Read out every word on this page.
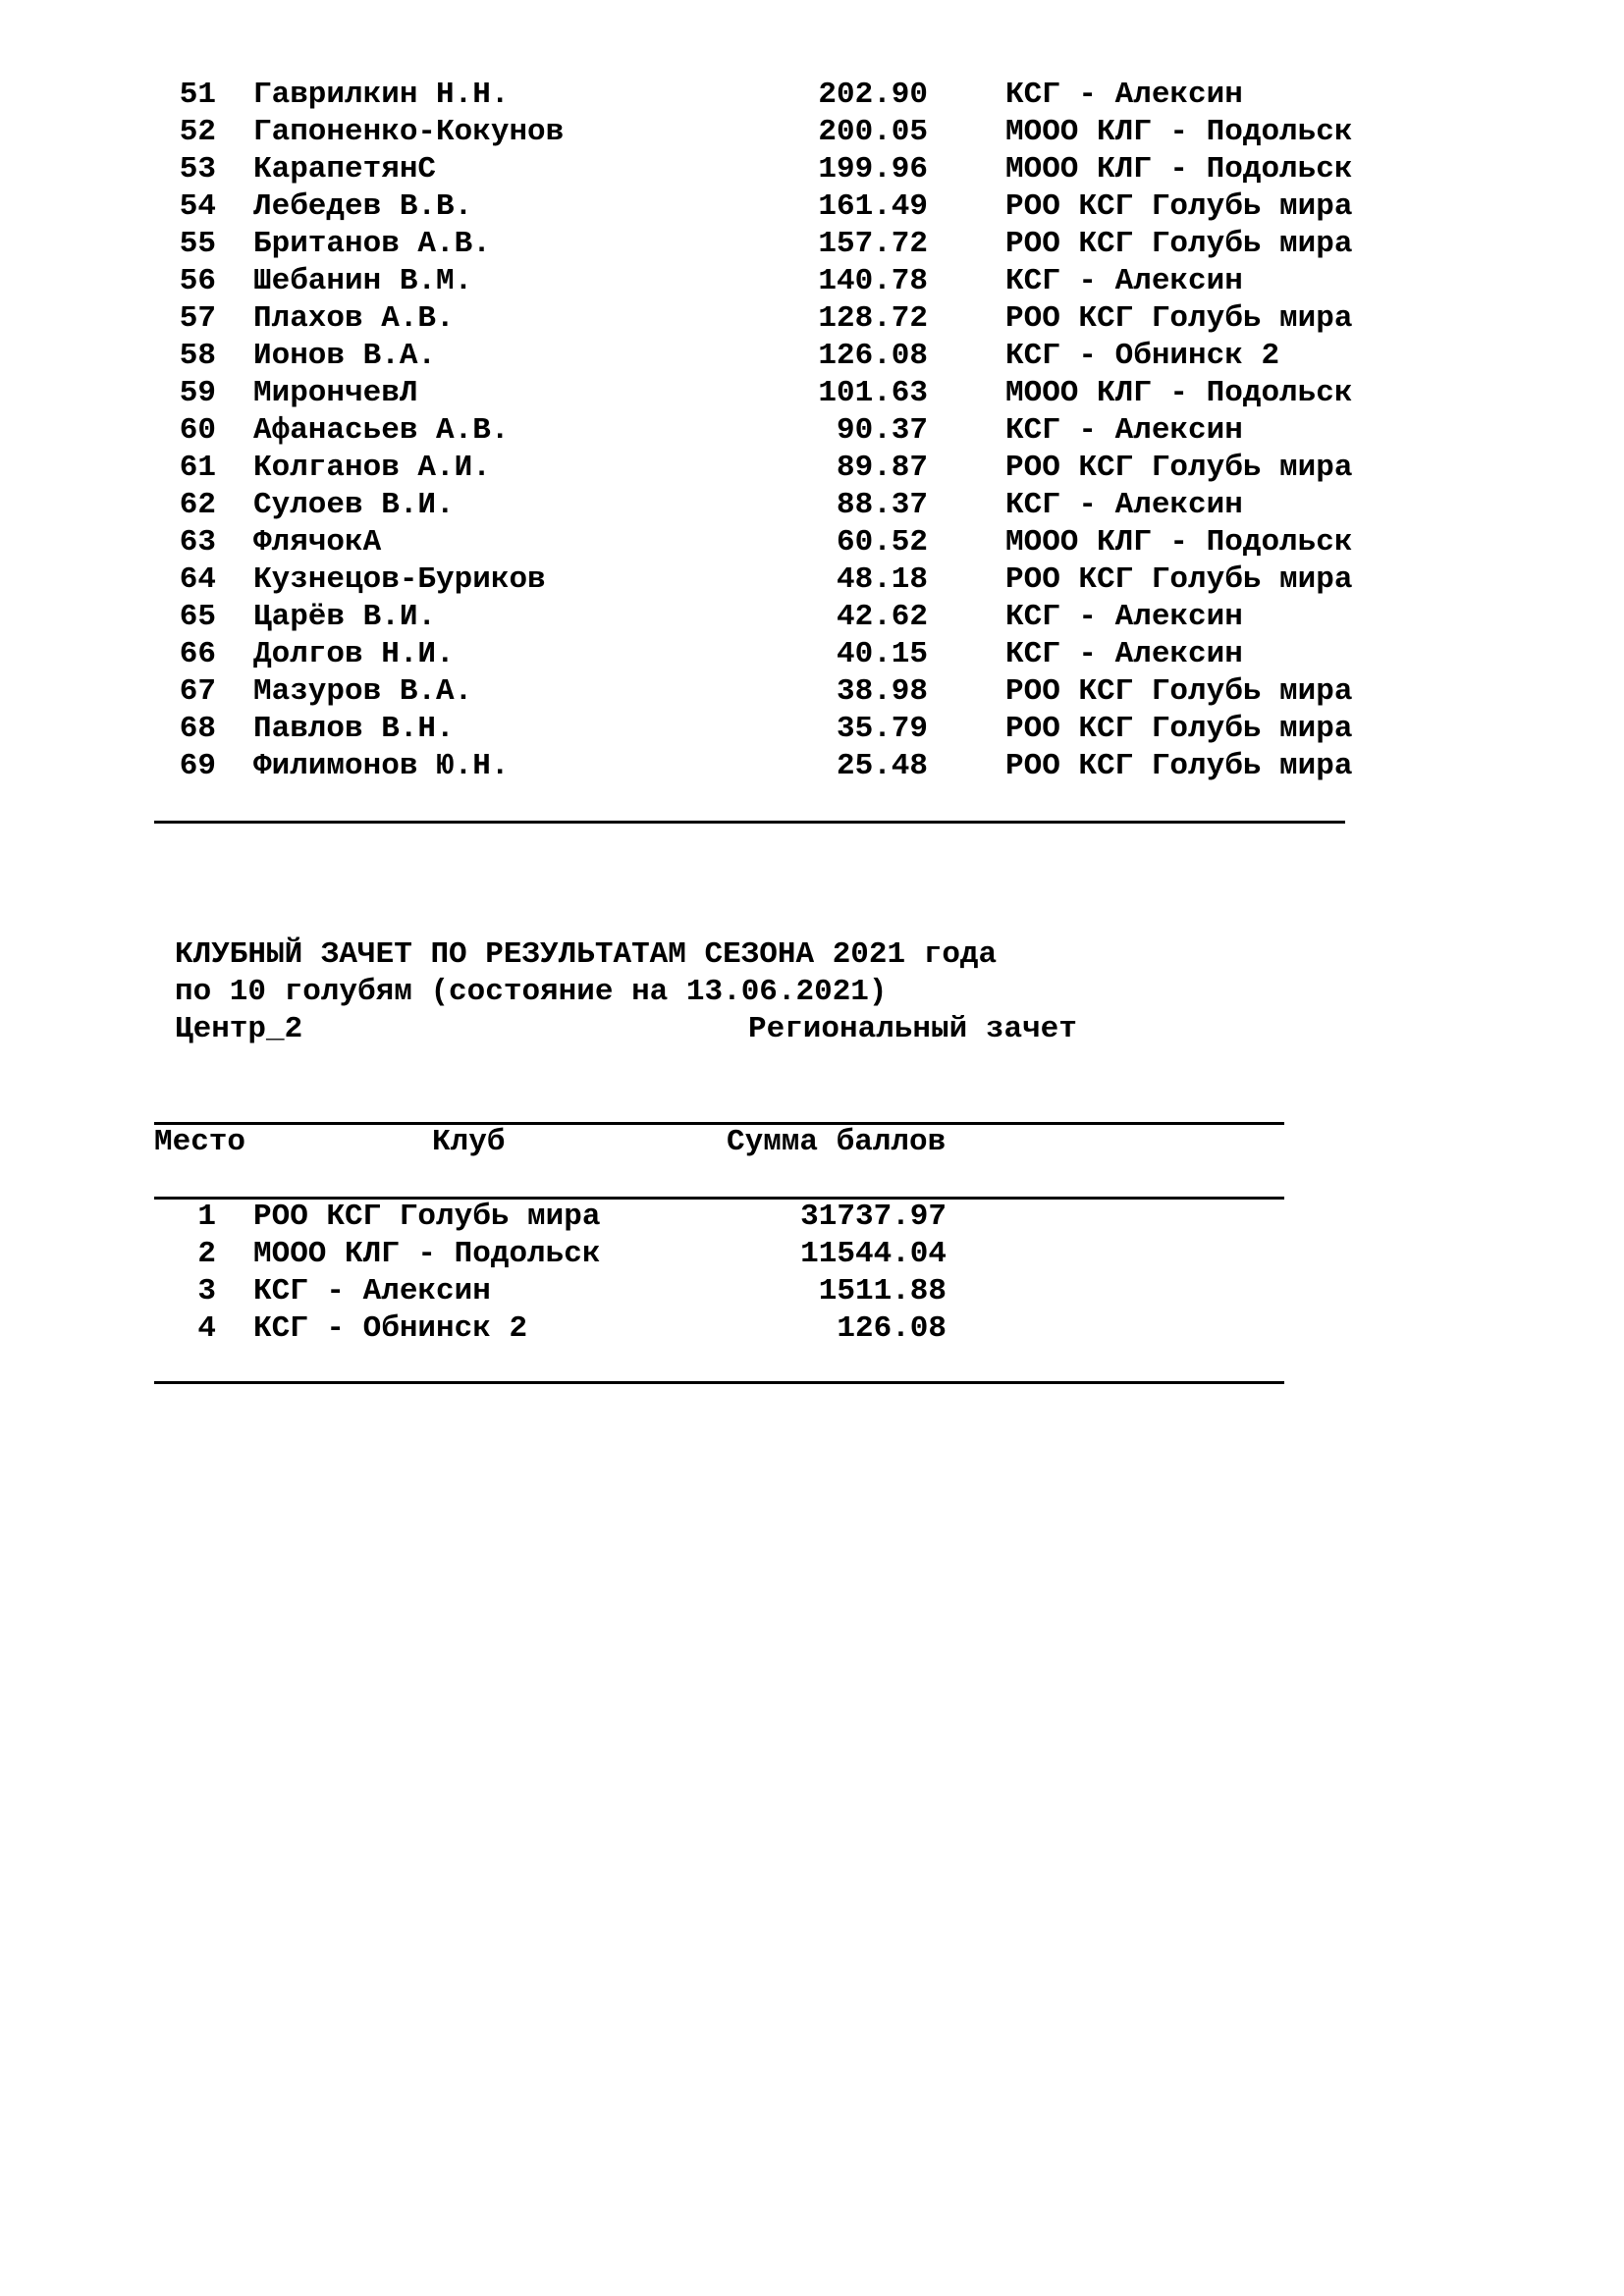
51 Гаврилкин Н.Н.	202.90	КСГ - Алексин
52 Гапоненко-Кокунов	200.05	МООО КЛГ - Подольск
53 КарапетянС	199.96	МООО КЛГ - Подольск
54 Лебедев В.В.	161.49	РОО КСГ Голубь мира
55 Британов А.В.	157.72	РОО КСГ Голубь мира
56 Шебанин В.М.	140.78	КСГ - Алексин
57 Плахов А.В.	128.72	РОО КСГ Голубь мира
58 Ионов В.А.	126.08	КСГ - Обнинск 2
59 МирончевЛ	101.63	МООО КЛГ - Подольск
60 Афанасьев А.В.	90.37	КСГ - Алексин
61 Колганов А.И.	89.87	РОО КСГ Голубь мира
62 Сулоев В.И.	88.37	КСГ - Алексин
63 ФлячокА	60.52	МООО КЛГ - Подольск
64 Кузнецов-Буриков	48.18	РОО КСГ Голубь мира
65 Царёв В.И.	42.62	КСГ - Алексин
66 Долгов Н.И.	40.15	КСГ - Алексин
67 Мазуров В.А.	38.98	РОО КСГ Голубь мира
68 Павлов В.Н.	35.79	РОО КСГ Голубь мира
69 Филимонов Ю.Н.	25.48	РОО КСГ Голубь мира
КЛУБНЫЙ ЗАЧЕТ ПО РЕЗУЛЬТАТАМ СЕЗОНА 2021 года
по 10 голубям (состояние на 13.06.2021)
Центр_2	Региональный зачет
Место	Клуб	Сумма баллов
1 РОО КСГ Голубь мира	31737.97
2 МООО КЛГ - Подольск	11544.04
3 КСГ - Алексин	1511.88
4 КСГ - Обнинск 2	126.08
